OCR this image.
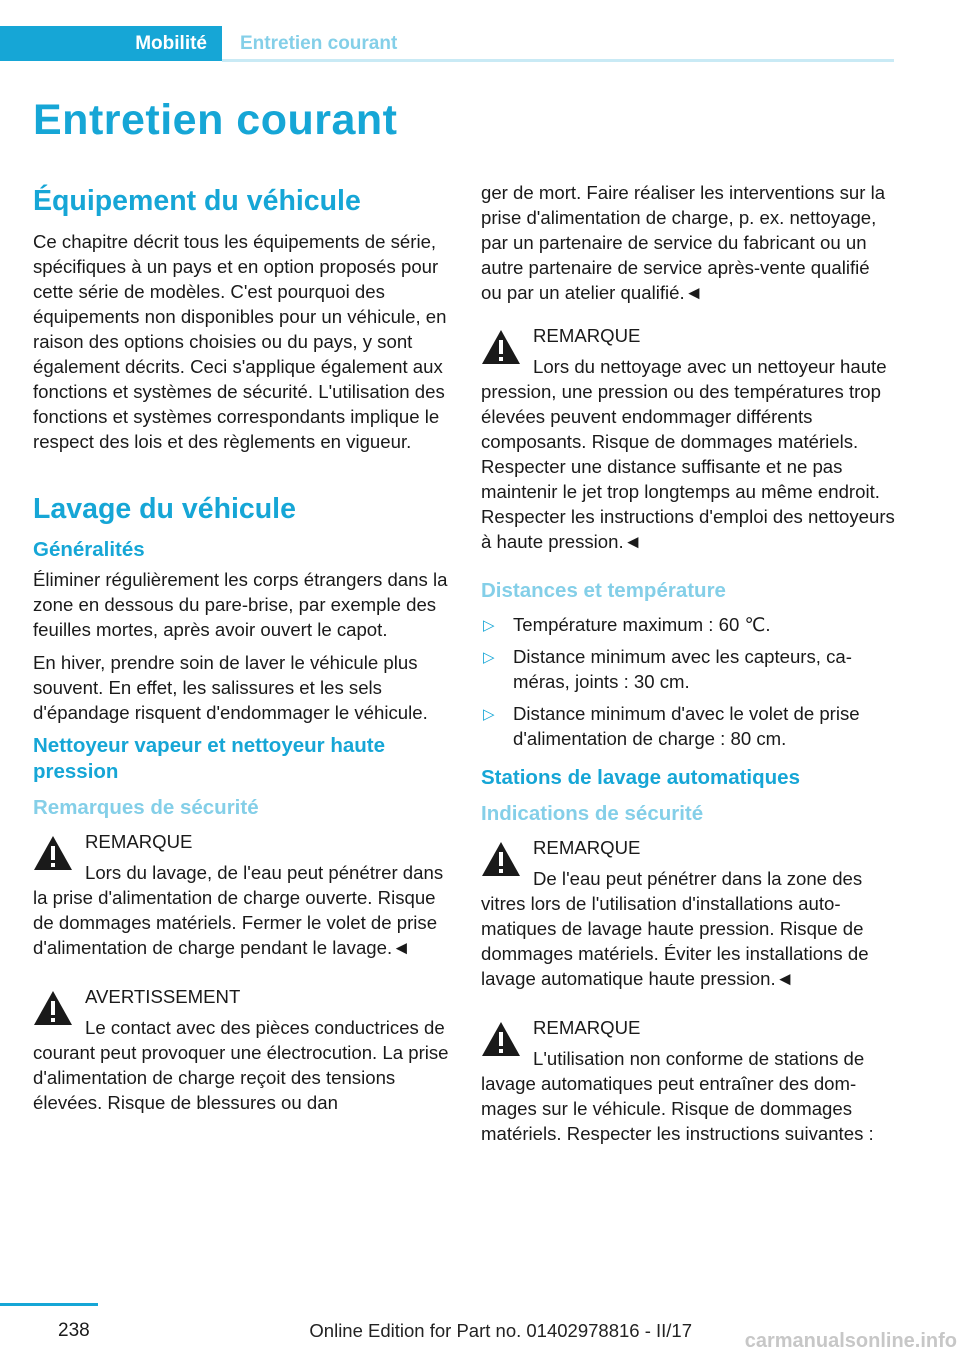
Mobilité	Entretien courant
Entretien courant
Équipement du véhicule

Ce chapitre décrit tous les équipements de série, spécifiques à un pays et en option proposés pour cette série de modèles. C'est pourquoi des équipements non disponibles pour un véhicule, en raison des options choisies ou du pays, y sont également décrits. Ceci s'applique également aux fonctions et systèmes de sécurité. L'utilisation des fonctions et systèmes correspondants implique le respect des lois et des règlements en vigueur.

Lavage du véhicule
Généralités

Éliminer régulièrement les corps étrangers dans la zone en dessous du pare-brise, par exemple des feuilles mortes, après avoir ouvert le capot.

En hiver, prendre soin de laver le véhicule plus souvent. En effet, les salissures et les sels d'épandage risquent d'endommager le véhicule.

Nettoyeur vapeur et nettoyeur haute pression
Remarques de sécurité
REMARQUE
Lors du lavage, de l'eau peut pénétrer dans la prise d'alimentation de charge ouverte. Risque de dommages matériels. Fermer le volet de prise d'alimentation de charge pendant le lavage.◄
AVERTISSEMENT
Le contact avec des pièces conductrices de courant peut provoquer une électrocution. La prise d'alimentation de charge reçoit des tensions élevées. Risque de blessures ou dan

ger de mort. Faire réaliser les interventions sur la prise d'alimentation de charge, p. ex. nettoyage, par un partenaire de service du fabricant ou un autre partenaire de service après-vente qualifié ou par un atelier qualifié.◄

REMARQUE
Lors du nettoyage avec un nettoyeur haute pression, une pression ou des températures trop élevées peuvent endommager différents composants. Risque de dommages matériels. Respecter une distance suffisante et ne pas maintenir le jet trop longtemps au même endroit. Respecter les instructions d'emploi des nettoyeurs à haute pression.◄
Distances et température
▷ Température maximum : 60 ℃.
▷ Distance minimum avec les capteurs, caméras, joints : 30 cm.
▷ Distance minimum d'avec le volet de prise d'alimentation de charge : 80 cm.
Stations de lavage automatiques
Indications de sécurité
REMARQUE
De l'eau peut pénétrer dans la zone des vitres lors de l'utilisation d'installations automatiques de lavage haute pression. Risque de dommages matériels. Éviter les installations de lavage automatique haute pression.◄
REMARQUE
L'utilisation non conforme de stations de lavage automatiques peut entraîner des dommages sur le véhicule. Risque de dommages matériels. Respecter les instructions suivantes :
238	Online Edition for Part no. 01402978816 - II/17	carmanualsonline.info
